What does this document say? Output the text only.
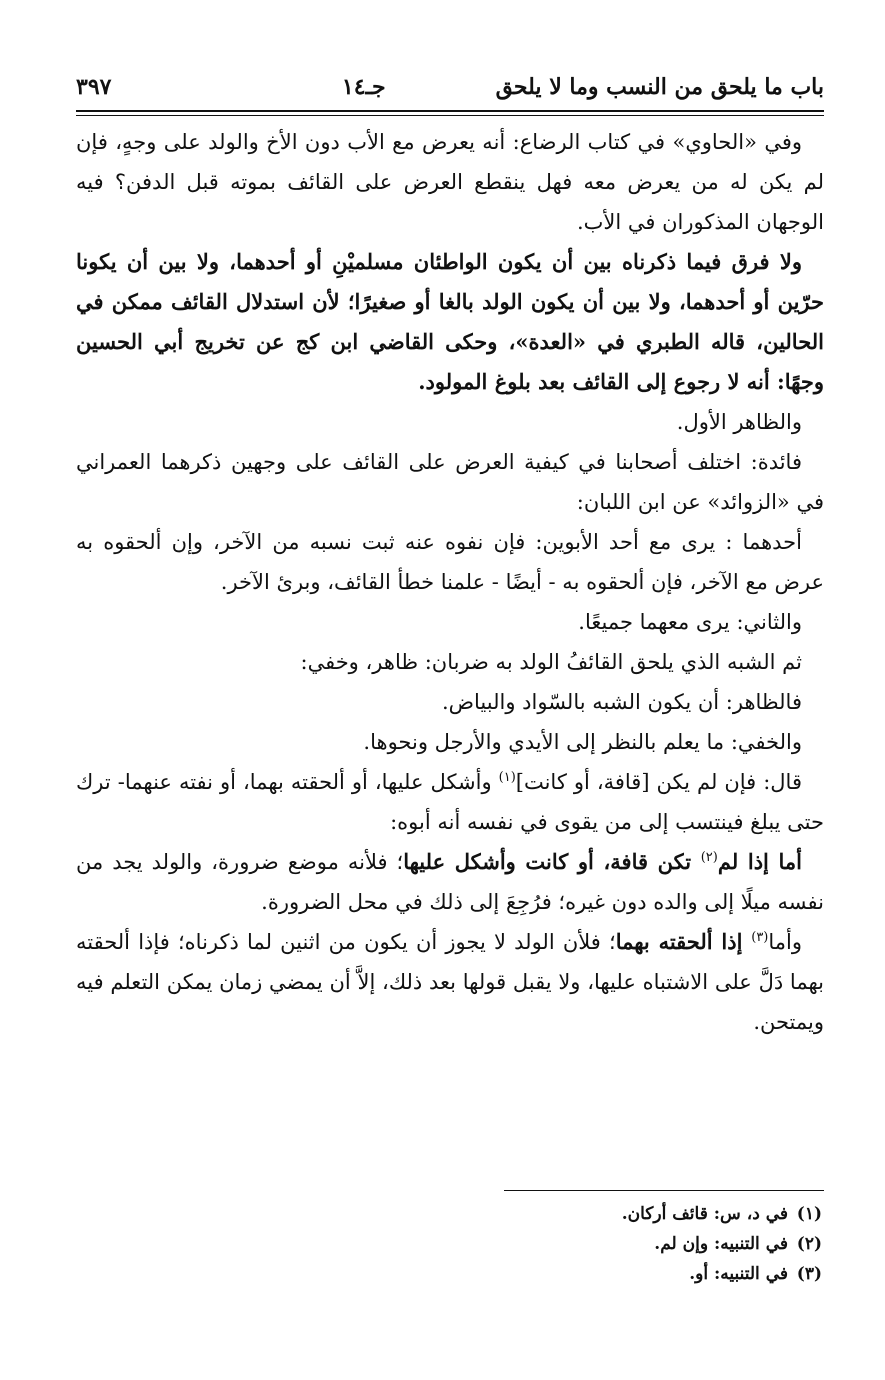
باب ما يلحق من النسب وما لا يلحق
جـ١٤
٣٩٧

وفي «الحاوي» في كتاب الرضاع: أنه يعرض مع الأب دون الأخ والولد على وجهٍ، فإن لم يكن له من يعرض معه فهل ينقطع العرض على القائف بموته قبل الدفن؟ فيه الوجهان المذكوران في الأب.

ولا فرق فيما ذكرناه بين أن يكون الواطئان مسلميْنِ أو أحدهما، ولا بين أن يكونا حرّين أو أحدهما، ولا بين أن يكون الولد بالغا أو صغيرًا؛ لأن استدلال القائف ممكن في الحالين، قاله الطبري في «العدة»، وحكى القاضي ابن كج عن تخريج أبي الحسين وجهًا: أنه لا رجوع إلى القائف بعد بلوغ المولود.

والظاهر الأول.

فائدة: اختلف أصحابنا في كيفية العرض على القائف على وجهين ذكرهما العمراني في «الزوائد» عن ابن اللبان:

أحدهما : يرى مع أحد الأبوين: فإن نفوه عنه ثبت نسبه من الآخر، وإن ألحقوه به عرض مع الآخر، فإن ألحقوه به - أيضًا - علمنا خطأ القائف، وبرئ الآخر.

والثاني: يرى معهما جميعًا.

ثم الشبه الذي يلحق القائفُ الولد به ضربان: ظاهر، وخفي:

فالظاهر: أن يكون الشبه بالسّواد والبياض.

والخفي: ما يعلم بالنظر إلى الأيدي والأرجل ونحوها.

قال: فإن لم يكن [قافة، أو كانت]$^{(١)}$ وأشكل عليها، أو ألحقته بهما، أو نفته عنهما- ترك حتى يبلغ فينتسب إلى من يقوى في نفسه أنه أبوه:

أما إذا لم$^{(٢)}$ تكن قافة، أو كانت وأشكل عليها؛ فلأنه موضع ضرورة، والولد يجد من نفسه ميلًا إلى والده دون غيره؛ فرُجِعَ إلى ذلك في محل الضرورة.

وأما$^{(٣)}$ إذا ألحقته بهما؛ فلأن الولد لا يجوز أن يكون من اثنين لما ذكرناه؛ فإذا ألحقته بهما دَلَّ على الاشتباه عليها، ولا يقبل قولها بعد ذلك، إلاَّ أن يمضي زمان يمكن التعلم فيه ويمتحن.

(١)في د، س: قائف أركان.
(٢)في التنبيه: وإن لم.
(٣)في التنبيه: أو.
